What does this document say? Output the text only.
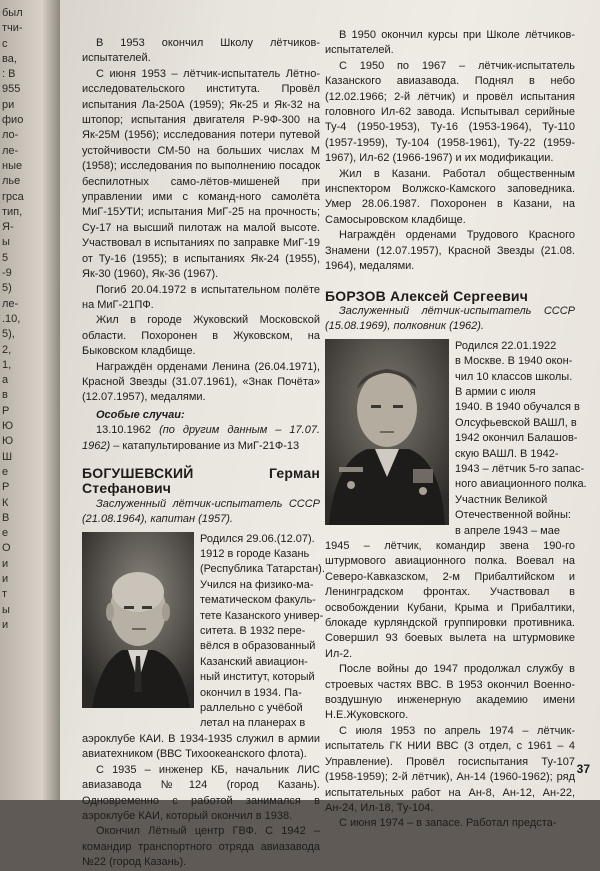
был
тчи-
с
ва,
: В
955
ри
фио
ло-
ле-
ные
лье
грса
тип,
Я-
ы
5
-9
5)
ле-
.10,
5),
2,
1,
а
в
Р
Ю
Ю
Ш
е
Р
К
В
е
О
и
и
т
ы
и

В 1953 окончил Школу лётчиков-испытателей.

С июня 1953 – лётчик-испытатель Лётно-исследовательского института. Провёл испытания Ла-250А (1959); Як-25 и Як-32 на штопор; испытания двигателя Р-9Ф-300 на Як-25М (1956); исследования потери путевой устойчивости СМ-50 на больших числах М (1958); исследования по выполнению посадок беспилотных само-лётов-мишеней при управлении ими с команд-ного самолёта МиГ-15УТИ; испытания МиГ-25 на прочность; Су-17 на высший пилотаж на малой высоте. Участвовал в испытаниях по заправке МиГ-19 от Ту-16 (1955); в испытаниях Як-24 (1955), Як-30 (1960), Як-36 (1967).

Погиб 20.04.1972 в испытательном полёте на МиГ-21ПФ.

Жил в городе Жуковский Московской области. Похоронен в Жуковском, на Быковском кладбище.

Награждён орденами Ленина (26.04.1971), Красной Звезды (31.07.1961), «Знак Почёта» (12.07.1957), медалями.

Особые случаи:

13.10.1962 (по другим данным – 17.07. 1962) – катапультирование из МиГ-21Ф-13

БОГУШЕВСКИЙ Герман Стефанович

Заслуженный лётчик-испытатель СССР (21.08.1964), капитан (1957).

Родился 29.06.(12.07).
1912 в городе Казань
(Республика Татарстан).
Учился на физико-ма-
тематическом факуль-
тете Казанского универ-
ситета. В 1932 пере-
вёлся в образованный
Казанский авиацион-
ный институт, который
окончил в 1934. Па-
раллельно с учёбой
летал на планерах в

аэроклубе КАИ. В 1934-1935 служил в армии авиатехником (ВВС Тихоокеанского флота).

С 1935 – инженер КБ, начальник ЛИС авиазавода №124 (город Казань). Одновременно с работой занимался в аэроклубе КАИ, который окончил в 1938.

Окончил Лётный центр ГВФ. С 1942 – командир транспортного отряда авиазавода №22 (город Казань).

В 1950 окончил курсы при Школе лётчиков-испытателей.

С 1950 по 1967 – лётчик-испытатель Казанского авиазавода. Поднял в небо (12.02.1966; 2-й лётчик) и провёл испытания головного Ил-62 завода. Испытывал серийные Ту-4 (1950-1953), Ту-16 (1953-1964), Ту-110 (1957-1959), Ту-104 (1958-1961), Ту-22 (1959-1967), Ил-62 (1966-1967) и их модификации.

Жил в Казани. Работал общественным инспектором Волжско-Камского заповедника. Умер 28.06.1987. Похоронен в Казани, на Самосыровском кладбище.

Награждён орденами Трудового Красного Знамени (12.07.1957), Красной Звезды (21.08. 1964), медалями.

БОРЗОВ Алексей Сергеевич

Заслуженный лётчик-испытатель СССР (15.08.1969), полковник (1962).

Родился 22.01.1922
в Москве. В 1940 окон-
чил 10 классов школы.
В армии с июля
1940. В 1940 обучался в
Олсуфьевской ВАШЛ, в
1942 окончил Балашов-
скую ВАШЛ. В 1942-
1943 – лётчик 5-го запас-
ного авиационного полка.
Участник Великой
Отечественной войны:
в апреле 1943 – мае

1945 – лётчик, командир звена 190-го штурмового авиационного полка. Воевал на Северо-Кавказском, 2-м Прибалтийском и Ленинградском фронтах. Участвовал в освобождении Кубани, Крыма и Прибалтики, блокаде курляндской группировки противника. Совершил 93 боевых вылета на штурмовике Ил-2.

После войны до 1947 продолжал службу в строевых частях ВВС. В 1953 окончил Военно-воздушную инженерную академию имени Н.Е.Жуковского.

С июля 1953 по апрель 1974 – лётчик-испытатель ГК НИИ ВВС (3 отдел, с 1961 – 4 Управление). Провёл госиспытания Ту-107 (1958-1959); 2-й лётчик), Ан-14 (1960-1962); ряд испытательных работ на Ан-8, Ан-12, Ан-22, Ан-24, Ил-18, Ту-104.

С июня 1974 – в запасе. Работал предста-

37
